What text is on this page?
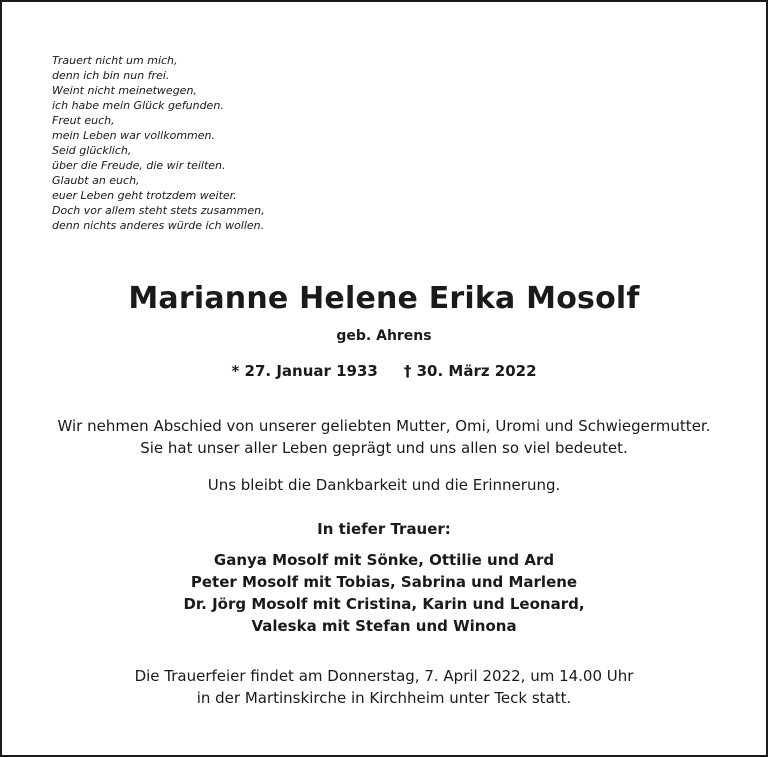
Trauert nicht um mich,
denn ich bin nun frei.
Weint nicht meinetwegen,
ich habe mein Glück gefunden.
Freut euch,
mein Leben war vollkommen.
Seid glücklich,
über die Freude, die wir teilten.
Glaubt an euch,
euer Leben geht trotzdem weiter.
Doch vor allem steht stets zusammen,
denn nichts anderes würde ich wollen.
Marianne Helene Erika Mosolf
geb. Ahrens
* 27. Januar 1933 † 30. März 2022
Wir nehmen Abschied von unserer geliebten Mutter, Omi, Uromi und Schwiegermutter.
Sie hat unser aller Leben geprägt und uns allen so viel bedeutet.
Uns bleibt die Dankbarkeit und die Erinnerung.
In tiefer Trauer:
Ganya Mosolf mit Sönke, Ottilie und Ard
Peter Mosolf mit Tobias, Sabrina und Marlene
Dr. Jörg Mosolf mit Cristina, Karin und Leonard,
Valeska mit Stefan und Winona
Die Trauerfeier findet am Donnerstag, 7. April 2022, um 14.00 Uhr
in der Martinskirche in Kirchheim unter Teck statt.
